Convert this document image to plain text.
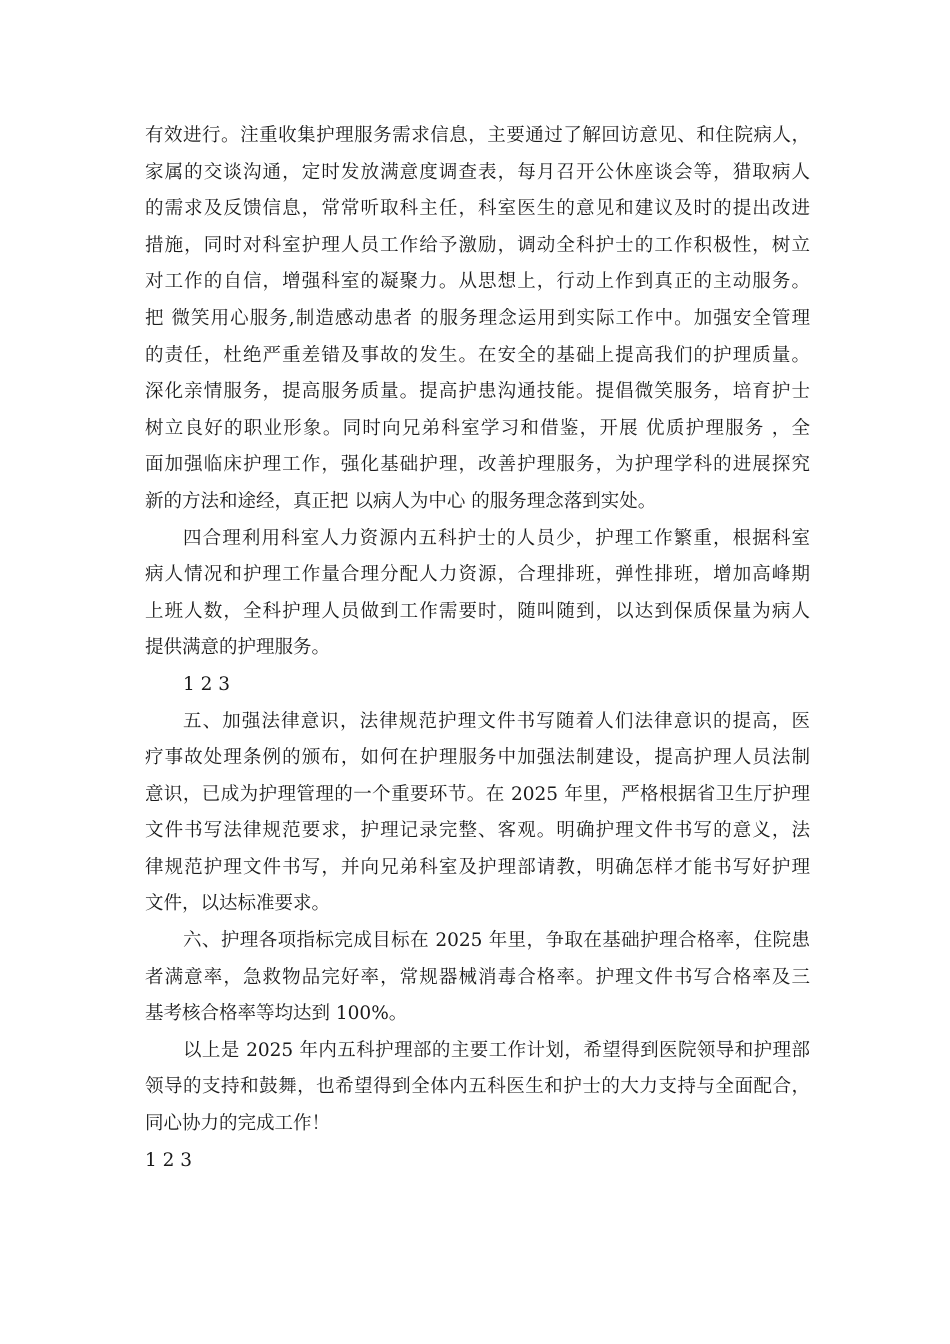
有效进行。注重收集护理服务需求信息，主要通过了解回访意见、和住院病人，
家属的交谈沟通，定时发放满意度调查表，每月召开公休座谈会等，猎取病人
的需求及反馈信息，常常听取科主任，科室医生的意见和建议及时的提出改进
措施，同时对科室护理人员工作给予激励，调动全科护士的工作积极性，树立
对工作的自信，增强科室的凝聚力。从思想上，行动上作到真正的主动服务。
把 微笑用心服务,制造感动患者 的服务理念运用到实际工作中。加强安全管理
的责任，杜绝严重差错及事故的发生。在安全的基础上提高我们的护理质量。
深化亲情服务，提高服务质量。提高护患沟通技能。提倡微笑服务，培育护士
树立良好的职业形象。同时向兄弟科室学习和借鉴，开展 优质护理服务 ，全
面加强临床护理工作，强化基础护理，改善护理服务，为护理学科的进展探究
新的方法和途经，真正把 以病人为中心 的服务理念落到实处。
四合理利用科室人力资源内五科护士的人员少，护理工作繁重，根据科室
病人情况和护理工作量合理分配人力资源，合理排班，弹性排班，增加高峰期
上班人数，全科护理人员做到工作需要时，随叫随到，以达到保质保量为病人
提供满意的护理服务。
1 2 3
五、加强法律意识，法律规范护理文件书写随着人们法律意识的提高，医
疗事故处理条例的颁布，如何在护理服务中加强法制建设，提高护理人员法制
意识，已成为护理管理的一个重要环节。在 2025 年里，严格根据省卫生厅护理
文件书写法律规范要求，护理记录完整、客观。明确护理文件书写的意义，法
律规范护理文件书写，并向兄弟科室及护理部请教，明确怎样才能书写好护理
文件，以达标准要求。
六、护理各项指标完成目标在 2025 年里，争取在基础护理合格率，住院患
者满意率，急救物品完好率，常规器械消毒合格率。护理文件书写合格率及三
基考核合格率等均达到 100%。
以上是 2025 年内五科护理部的主要工作计划，希望得到医院领导和护理部
领导的支持和鼓舞，也希望得到全体内五科医生和护士的大力支持与全面配合，
同心协力的完成工作！
1 2 3
